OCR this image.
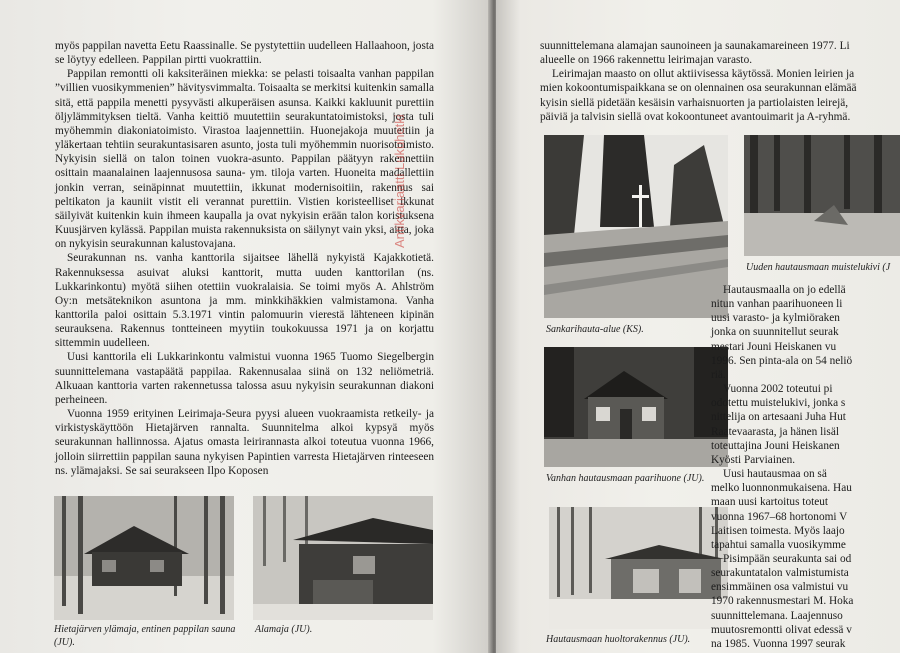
myös pappilan navetta Eetu Raassinalle. Se pystytettiin uudelleen Hallaahoon, josta se löytyy edelleen. Pappilan pirtti vuokrattiin.

Pappilan remontti oli kaksiteräinen miekka: se pelasti toisaalta vanhan pappilan ”villien vuosikymmenien” hävitysvimmalta. Toisaalta se merkitsi kuitenkin samalla sitä, että pappila menetti pysyvästi alkuperäisen asunsa. Kaikki kakluunit purettiin öljylämmityksen tieltä. Vanha keittiö muutettiin seurakuntatoimistoksi, josta tuli myöhemmin diakoniatoimisto. Virastoa laajennettiin. Huonejakoja muutettiin ja yläkertaan tehtiin seurakuntasisaren asunto, josta tuli myöhemmin nuorisotoimisto. Nykyisin siellä on talon toinen vuokra-asunto. Pappilan päätyyn rakennettiin osittain maanalainen laajennusosa sauna- ym. tiloja varten. Huoneita madallettiin jonkin verran, seinäpinnat muutettiin, ikkunat modernisoitiin, rakennus sai peltikaton ja kauniit vistit eli verannat purettiin. Vistien koristeelliset ikkunat säilyivät kuitenkin kuin ihmeen kaupalla ja ovat nykyisin erään talon koristuksena Kuusjärven kylässä. Pappilan muista rakennuksista on säilynyt vain yksi, aitta, joka on nykyisin seurakunnan kalustovajana.

Seurakunnan ns. vanha kanttorila sijaitsee lähellä nykyistä Kajakkotietä. Rakennuksessa asuivat aluksi kanttorit, mutta uuden kanttorilan (ns. Lukkarinkontu) myötä siihen otettiin vuokralaisia. Se toimi myös A. Ahlström Oy:n metsäteknikon asuntona ja mm. minkkihäkkien valmistamona. Vanha kanttorila paloi osittain 5.3.1971 vintin palomuurin vierestä lähteneen kipinän seurauksena. Rakennus tontteineen myytiin toukokuussa 1971 ja on korjattu sittemmin uudelleen.

Uusi kanttorila eli Lukkarinkontu valmistui vuonna 1965 Tuomo Siegelbergin suunnittelemana vastapäätä pappilaa. Rakennusalaa siinä on 132 neliömetriä. Alkuaan kanttoria varten rakennetussa talossa asuu nykyisin seurakunnan diakoni perheineen.

Vuonna 1959 erityinen Leirimaja-Seura pyysi alueen vuokraamista retkeily- ja virkistyskäyttöön Hietajärven rannalta. Suunnitelma alkoi kypsyä myös seurakunnan hallinnossa. Ajatus omasta leirirannasta alkoi toteutua vuonna 1966, jolloin siirrettiin pappilan sauna nykyisen Papintien varresta Hietajärven rinteeseen ns. ylämajaksi. Se sai seurakseen Ilpo Koposen

Hietajärven ylämaja, entinen pappilan sauna (JU).
Alamaja (JU).
Antikvariaatti Lukuhetki

suunnittelemana alamajan saunoineen ja saunakamareineen 1977. Li

alueelle on 1966 rakennettu leirimajan varasto.

Leirimajan maasto on ollut aktiivisessa käytössä. Monien leirien ja

mien kokoontumispaikkana se on olennainen osa seurakunnan elämää

kyisin siellä pidetään kesäisin varhaisnuorten ja partiolaisten leirejä,

päiviä ja talvisin siellä ovat kokoontuneet avantouimarit ja A-ryhmä.

Sankarihauta-alue (KS).
Uuden hautausmaan muistelukivi (J
Vanhan hautausmaan paarihuone (JU).
Hautausmaan huoltorakennus (JU).

Hautausmaalla on jo edellä

nitun vanhan paarihuoneen li

uusi varasto- ja kylmiöraken

jonka on suunnitellut seurak

mestari Jouni Heiskanen vu

1996. Sen pinta-ala on 54 neliö

riä.

Vuonna 2002 toteutui pi

odotettu muistelukivi, jonka s

nittelija on artesaani Juha Hut

Raatevaarasta, ja hänen lisäl

toteuttajina Jouni Heiskanen

Kyösti Parviainen.

Uusi hautausmaa on sä

melko luonnonmukaisena. Hau

maan uusi kartoitus toteut

vuonna 1967–68 hortonomi V

Laitisen toimesta. Myös laajo

tapahtui samalla vuosikymme

Pisimpään seurakunta sai od

seurakuntatalon valmistumista

ensimmäinen osa valmistui vu

1970 rakennusmestari M. Hoka

suunnittelemana. Laajennuso

muutosremontti olivat edessä v

na 1985. Vuonna 1997 seurak
